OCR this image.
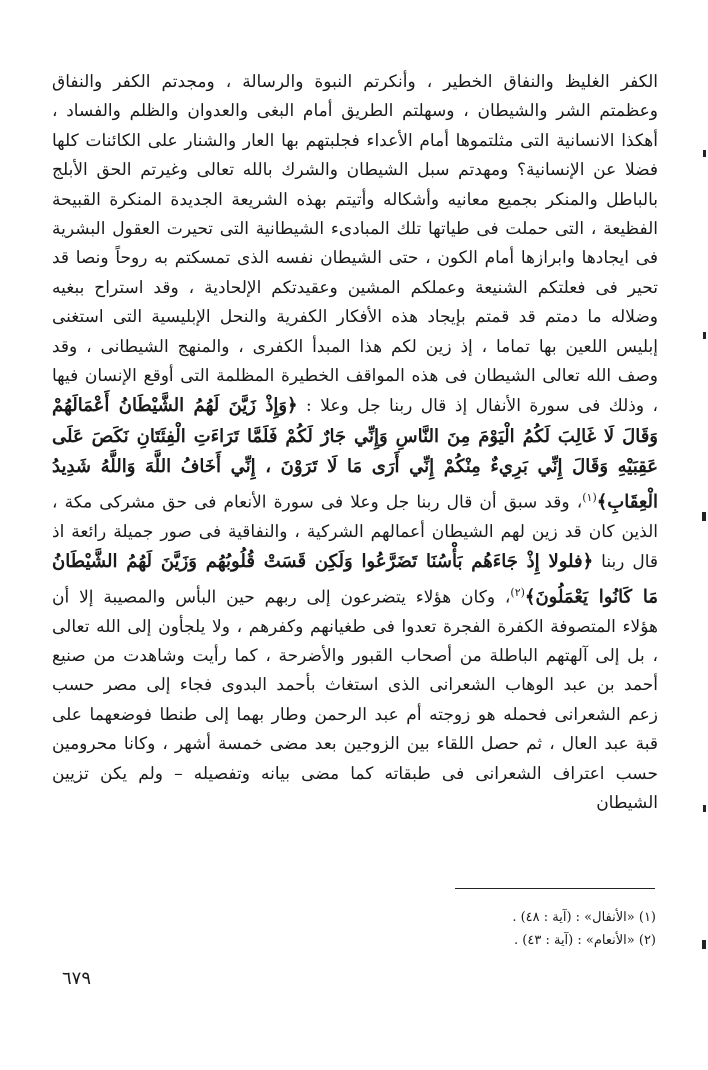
الكفر الغليظ والنفاق الخطير ، وأنكرتم النبوة والرسالة ، ومجدتم الكفر والنفاق وعظمتم الشر والشيطان ، وسهلتم الطريق أمام البغى والعدوان والظلم والفساد ، أهكذا الانسانية التى مثلتموها أمام الأعداء فجلبتهم بها العار والشنار على الكائنات كلها فضلا عن الإنسانية؟ ومهدتم سبل الشيطان والشرك بالله تعالى وغيرتم الحق الأبلج بالباطل والمنكر بجميع معانيه وأشكاله وأتيتم بهذه الشريعة الجديدة المنكرة القبيحة الفظيعة ، التى حملت فى طياتها تلك المبادىء الشيطانية التى تحيرت العقول البشرية فى ايجادها وابرازها أمام الكون ، حتى الشيطان نفسه الذى تمسكتم به روحاً ونصا قد تحير فى فعلتكم الشنيعة وعملكم المشين وعقيدتكم الإلحادية ، وقد استراح ببغيه وضلاله ما دمتم قد قمتم بإيجاد هذه الأفكار الكفرية والنحل الإبليسية التى استغنى إبليس اللعين بها تماما ، إذ زين لكم هذا المبدأ الكفرى ، والمنهج الشيطانى ، وقد وصف الله تعالى الشيطان فى هذه المواقف الخطيرة المظلمة التى أوقع الإنسان فيها ، وذلك فى سورة الأنفال إذ قال ربنا جل وعلا : ﴿وَإِذْ زَيَّنَ لَهُمُ الشَّيْطَانُ أَعْمَالَهُمْ وَقَالَ لَا غَالِبَ لَكُمُ الْيَوْمَ مِنَ النَّاسِ وَإِنِّي جَارٌ لَكُمْ فَلَمَّا تَرَاءَتِ الْفِئَتَانِ نَكَصَ عَلَى عَقِبَيْهِ وَقَالَ إِنِّي بَرِيءٌ مِنْكُمْ إِنِّي أَرَى مَا لَا تَرَوْنَ ، إِنِّي أَخَافُ اللَّهَ وَاللَّهُ شَدِيدُ الْعِقَابِ﴾$^{(١)}$، وقد سبق أن قال ربنا جل وعلا فى سورة الأنعام فى حق مشركى مكة ، الذين كان قد زين لهم الشيطان أعمالهم الشركية ، والنفاقية فى صور جميلة رائعة اذ قال ربنا ﴿فلولا إِذْ جَاءَهُم بَأْسُنَا تَضَرَّعُوا وَلَكِن قَسَتْ قُلُوبُهُم وَزَيَّنَ لَهُمُ الشَّيْطَانُ مَا كَانُوا يَعْمَلُونَ﴾$^{(٢)}$، وكان هؤلاء يتضرعون إلى ربهم حين البأس والمصيبة إلا أن هؤلاء المتصوفة الكفرة الفجرة تعدوا فى طغيانهم وكفرهم ، ولا يلجأون إلى الله تعالى ، بل إلى آلهتهم الباطلة من أصحاب القبور والأضرحة ، كما رأيت وشاهدت من صنيع أحمد بن عبد الوهاب الشعرانى الذى استغاث بأحمد البدوى فجاء إلى مصر حسب زعم الشعرانى فحمله هو زوجته أم عبد الرحمن وطار بهما إلى طنطا فوضعهما على قبة عبد العال ، ثم حصل اللقاء بين الزوجين بعد مضى خمسة أشهر ، وكانا محرومين حسب اعتراف الشعرانى فى طبقاته كما مضى بيانه وتفصيله – ولم يكن تزيين الشيطان

(١) «الأنفال» : (آية : ٤٨) .
(٢) «الأنعام» : (آية : ٤٣) .
٦٧٩
